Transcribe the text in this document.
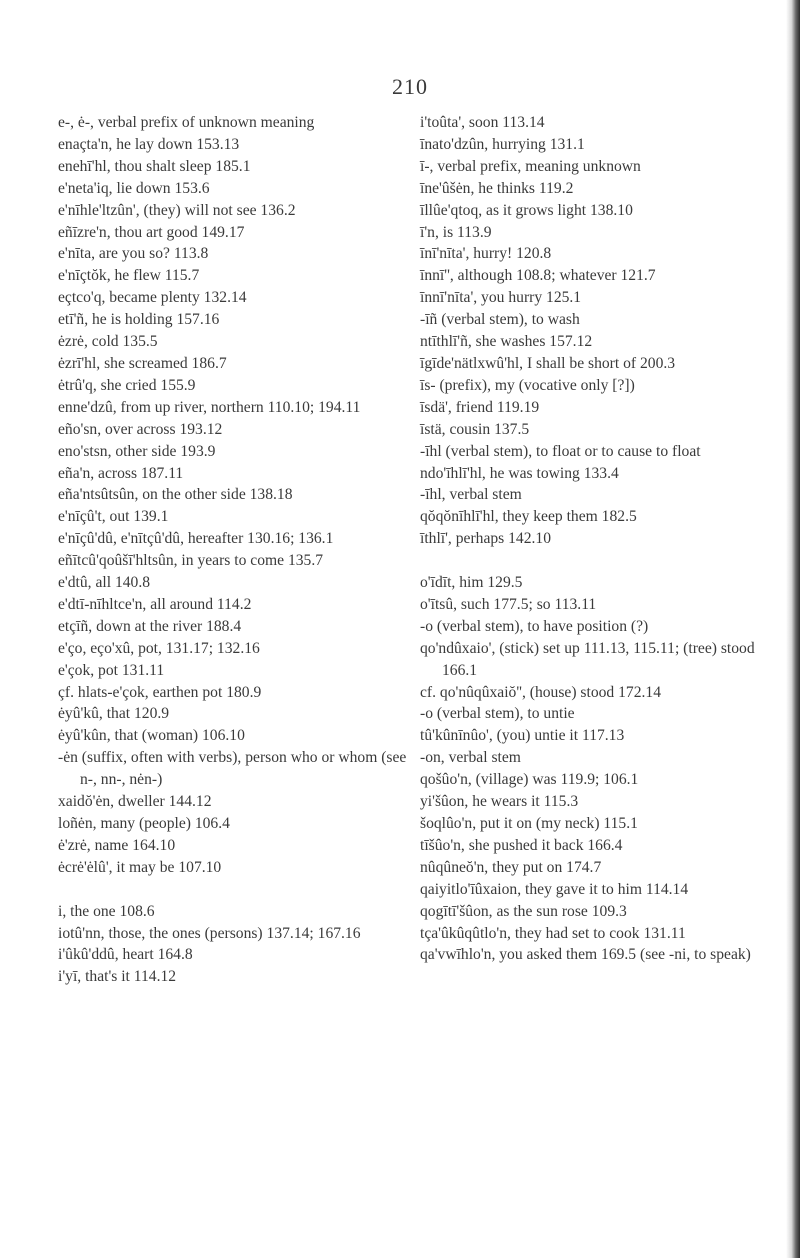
210
e-, ė-, verbal prefix of unknown meaning
enaçta'n, he lay down 153.13
enehī'hl, thou shalt sleep 185.1
e'neta'iq, lie down 153.6
e'nīhle'ltzûn', (they) will not see 136.2
eñīzre'n, thou art good 149.17
e'nīta, are you so? 113.8
e'nīçtŏk, he flew 115.7
eçtco'q, became plenty 132.14
etī'ñ, he is holding 157.16
ėzrė, cold 135.5
ėzrī'hl, she screamed 186.7
ėtrû'q, she cried 155.9
enne'dzû, from up river, northern 110.10; 194.11
eño'sn, over across 193.12
eno'stsn, other side 193.9
eña'n, across 187.11
eña'ntsûtsûn, on the other side 138.18
e'nīçû't, out 139.1
e'nīçû'dû, e'nītçû'dû, hereafter 130.16; 136.1
eñītcû'qoûšī'hltsûn, in years to come 135.7
e'dtû, all 140.8
e'dtī-nīhltce'n, all around 114.2
etçīñ, down at the river 188.4
e'ço, eço'xû, pot, 131.17; 132.16
e'çok, pot 131.11
çf. hlats-e'çok, earthen pot 180.9
ėyû'kû, that 120.9
ėyû'kûn, that (woman) 106.10
-ėn (suffix, often with verbs), person who or whom (see n-, nn-, nėn-)
xaidŏ'ėn, dweller 144.12
loñėn, many (people) 106.4
ė'zrė, name 164.10
ėcrė'ėlû', it may be 107.10
i, the one 108.6
iotû'nn, those, the ones (persons) 137.14; 167.16
i'ûkû'ddû, heart 164.8
i'yī, that's it 114.12
i'toûta', soon 113.14
īnato'dzûn, hurrying 131.1
ī-, verbal prefix, meaning unknown
īne'ûšėn, he thinks 119.2
īllûe'qtoq, as it grows light 138.10
ī'n, is 113.9
īnī'nīta', hurry! 120.8
īnnī'', although 108.8; whatever 121.7
īnnī'nīta', you hurry 125.1
-īñ (verbal stem), to wash
ntīthlī'ñ, she washes 157.12
īgīde'nätlxwû'hl, I shall be short of 200.3
īs- (prefix), my (vocative only [?])
īsdä', friend 119.19
īstä, cousin 137.5
-īhl (verbal stem), to float or to cause to float
ndo'īhlī'hl, he was towing 133.4
-īhl, verbal stem
qŏqŏnīhlī'hl, they keep them 182.5
īthlī', perhaps 142.10
o'īdīt, him 129.5
o'ītsû, such 177.5; so 113.11
-o (verbal stem), to have position (?)
qo'ndûxaio', (stick) set up 111.13, 115.11; (tree) stood 166.1
cf. qo'nûqûxaiŏ'', (house) stood 172.14
-o (verbal stem), to untie
tû'kûnīnûo', (you) untie it 117.13
-on, verbal stem
qošûo'n, (village) was 119.9; 106.1
yi'šûon, he wears it 115.3
šoqlûo'n, put it on (my neck) 115.1
tīšûo'n, she pushed it back 166.4
nûqûneŏ'n, they put on 174.7
qaiyitlo'īûxaion, they gave it to him 114.14
qogītī'šûon, as the sun rose 109.3
tça'ûkûqûtlo'n, they had set to cook 131.11
qa'vwīhlo'n, you asked them 169.5 (see -ni, to speak)
